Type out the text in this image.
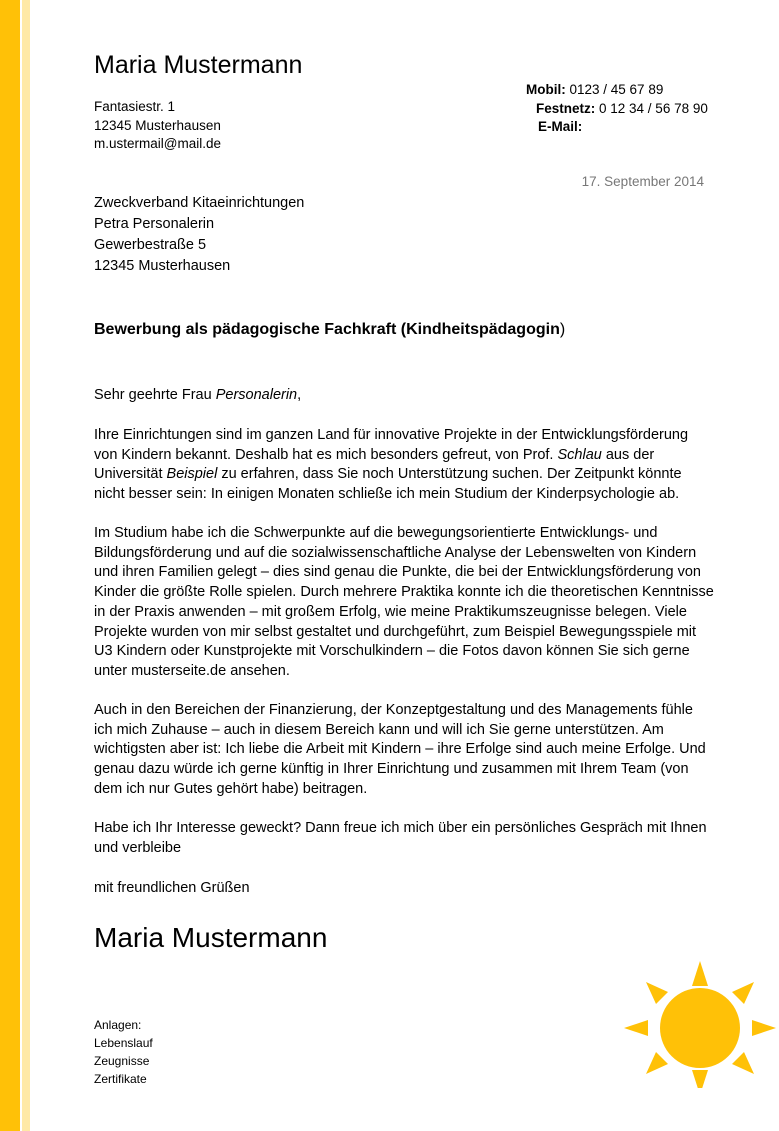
Maria Mustermann
Fantasiestr. 1
12345 Musterhausen
m.ustermail@mail.de
Mobil: 0123 / 45 67 89
Festnetz: 0 12 34 / 56 78 90
E-Mail:
17. September 2014
Zweckverband Kitaeinrichtungen
Petra Personalerin
Gewerbestraße 5
12345 Musterhausen
Bewerbung als pädagogische Fachkraft (Kindheitspädagogin)
Sehr geehrte Frau Personalerin,
Ihre Einrichtungen sind im ganzen Land für innovative Projekte in der Entwicklungsförderung von Kindern bekannt. Deshalb hat es mich besonders gefreut, von Prof. Schlau aus der Universität Beispiel zu erfahren, dass Sie noch Unterstützung suchen. Der Zeitpunkt könnte nicht besser sein: In einigen Monaten schließe ich mein Studium der Kinderpsychologie ab.
Im Studium habe ich die Schwerpunkte auf die bewegungsorientierte Entwicklungs- und Bildungsförderung und auf die sozialwissenschaftliche Analyse der Lebenswelten von Kindern und ihren Familien gelegt – dies sind genau die Punkte, die bei der Entwicklungsförderung von Kinder die größte Rolle spielen. Durch mehrere Praktika konnte ich die theoretischen Kenntnisse in der Praxis anwenden – mit großem Erfolg, wie meine Praktikumszeugnisse belegen. Viele Projekte wurden von mir selbst gestaltet und durchgeführt, zum Beispiel Bewegungsspiele mit U3 Kindern oder Kunstprojekte mit Vorschulkindern – die Fotos davon können Sie sich gerne unter musterseite.de ansehen.
Auch in den Bereichen der Finanzierung, der Konzeptgestaltung und des Managements fühle ich mich Zuhause – auch in diesem Bereich kann und will ich Sie gerne unterstützen. Am wichtigsten aber ist: Ich liebe die Arbeit mit Kindern – ihre Erfolge sind auch meine Erfolge. Und genau dazu würde ich gerne künftig in Ihrer Einrichtung und zusammen mit Ihrem Team (von dem ich nur Gutes gehört habe) beitragen.
Habe ich Ihr Interesse geweckt? Dann freue ich mich über ein persönliches Gespräch mit Ihnen und verbleibe
mit freundlichen Grüßen
Maria Mustermann
Anlagen:
Lebenslauf
Zeugnisse
Zertifikate
